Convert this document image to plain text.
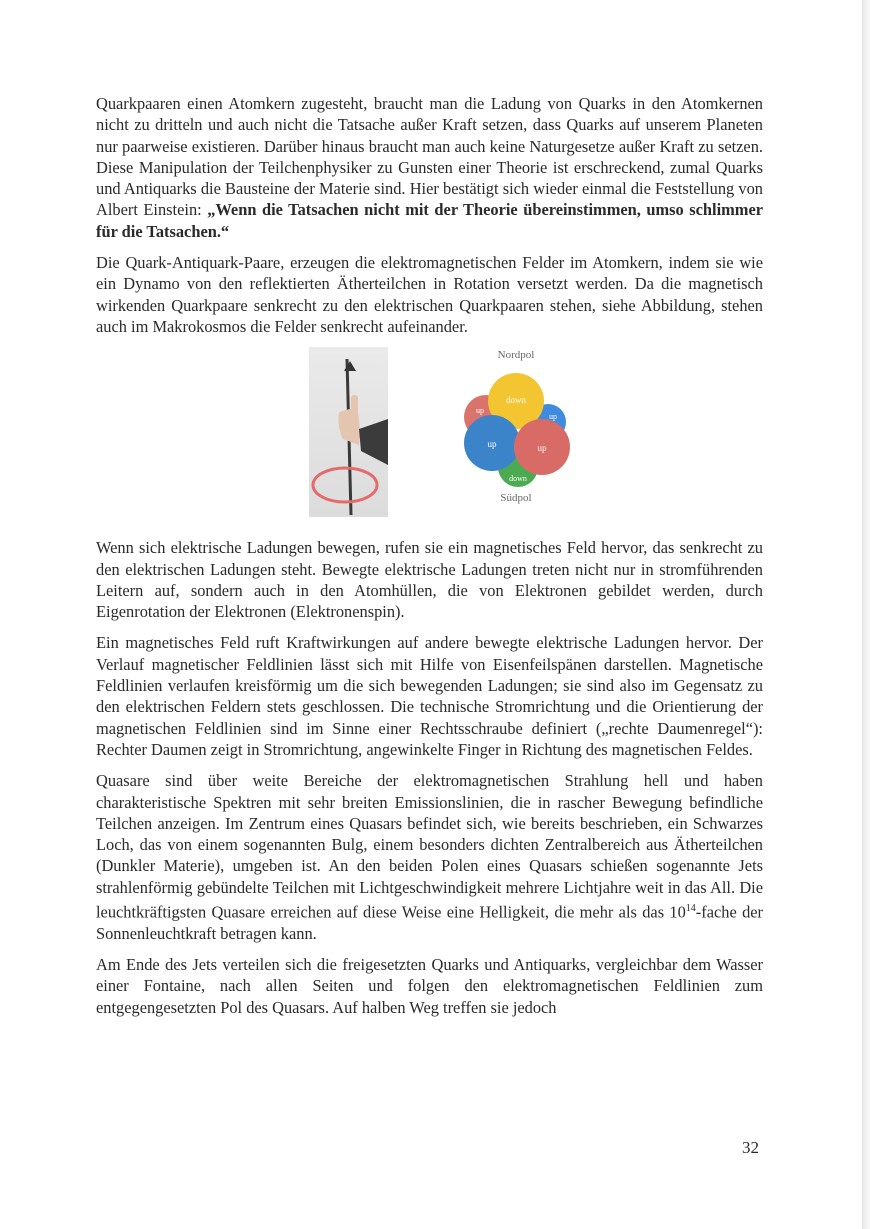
Quarkpaaren einen Atomkern zugesteht, braucht man die Ladung von Quarks in den Atomkernen nicht zu dritteln und auch nicht die Tatsache außer Kraft setzen, dass Quarks auf unserem Planeten nur paarweise existieren. Darüber hinaus braucht man auch keine Naturgesetze außer Kraft zu setzen. Diese Manipulation der Teilchenphysiker zu Gunsten einer Theorie ist erschreckend, zumal Quarks und Antiquarks die Bausteine der Materie sind. Hier bestätigt sich wieder einmal die Feststellung von Albert Einstein: „Wenn die Tatsachen nicht mit der Theorie übereinstimmen, umso schlimmer für die Tatsachen.“

Die Quark-Antiquark-Paare, erzeugen die elektromagnetischen Felder im Atomkern, indem sie wie ein Dynamo von den reflektierten Ätherteilchen in Rotation versetzt werden. Da die magnetisch wirkenden Quarkpaare senkrecht zu den elektrischen Quarkpaaren stehen, siehe Abbildung, stehen auch im Makrokosmos die Felder senkrecht aufeinander.

Nordpol
down
up
up
up
up
down
Südpol

Wenn sich elektrische Ladungen bewegen, rufen sie ein magnetisches Feld hervor, das senkrecht zu den elektrischen Ladungen steht. Bewegte elektrische Ladungen treten nicht nur in stromführenden Leitern auf, sondern auch in den Atomhüllen, die von Elektronen gebildet werden, durch Eigenrotation der Elektronen (Elektronenspin).

Ein magnetisches Feld ruft Kraftwirkungen auf andere bewegte elektrische Ladungen hervor. Der Verlauf magnetischer Feldlinien lässt sich mit Hilfe von Eisenfeilspänen darstellen. Magnetische Feldlinien verlaufen kreisförmig um die sich bewegenden Ladungen; sie sind also im Gegensatz zu den elektrischen Feldern stets geschlossen. Die technische Stromrichtung und die Orientierung der magnetischen Feldlinien sind im Sinne einer Rechtsschraube definiert („rechte Daumenregel“): Rechter Daumen zeigt in Stromrichtung, angewinkelte Finger in Richtung des magnetischen Feldes.

Quasare sind über weite Bereiche der elektromagnetischen Strahlung hell und haben charakteristische Spektren mit sehr breiten Emissionslinien, die in rascher Bewegung befindliche Teilchen anzeigen. Im Zentrum eines Quasars befindet sich, wie bereits beschrieben, ein Schwarzes Loch, das von einem sogenannten Bulg, einem besonders dichten Zentralbereich aus Ätherteilchen (Dunkler Materie), umgeben ist. An den beiden Polen eines Quasars schießen sogenannte Jets strahlenförmig gebündelte Teilchen mit Lichtgeschwindigkeit mehrere Lichtjahre weit in das All. Die leuchtkräftigsten Quasare erreichen auf diese Weise eine Helligkeit, die mehr als das $10^{14}$-fache der Sonnenleuchtkraft betragen kann.

Am Ende des Jets verteilen sich die freigesetzten Quarks und Antiquarks, vergleichbar dem Wasser einer Fontaine, nach allen Seiten und folgen den elektromagnetischen Feldlinien zum entgegengesetzten Pol des Quasars. Auf halben Weg treffen sie jedoch

32
